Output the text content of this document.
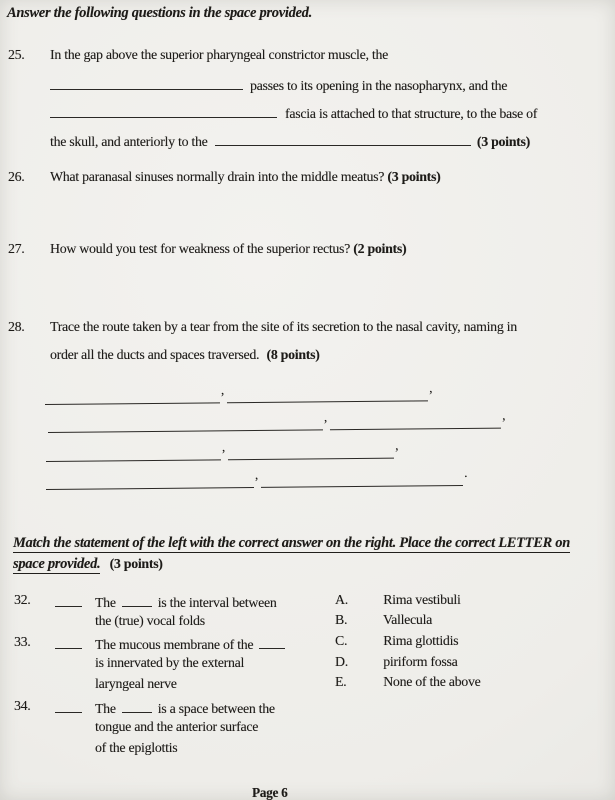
Answer the following questions in the space provided.
25. In the gap above the superior pharyngeal constrictor muscle, the
passes to its opening in the nasopharynx, and the
fascia is attached to that structure, to the base of
the skull, and anteriorly to the	(3 points)
26. What paranasal sinuses normally drain into the middle meatus? (3 points)
27. How would you test for weakness of the superior rectus? (2 points)
28. Trace the route taken by a tear from the site of its secretion to the nasal cavity, naming in
order all the ducts and spaces traversed. (8 points)
,	,
,	,
,	,
,	.
Match the statement of the left with the correct answer on the right. Place the correct LETTER on
space provided. (3 points)
32.	The	is the interval between
the (true) vocal folds
33.	The mucous membrane of the
is innervated by the external
laryngeal nerve
34.	The	is a space between the
tongue and the anterior surface
of the epiglottis
A.	Rima vestibuli
B.	Vallecula
C.	Rima glottidis
D.	piriform fossa
E.	None of the above
Page 6
